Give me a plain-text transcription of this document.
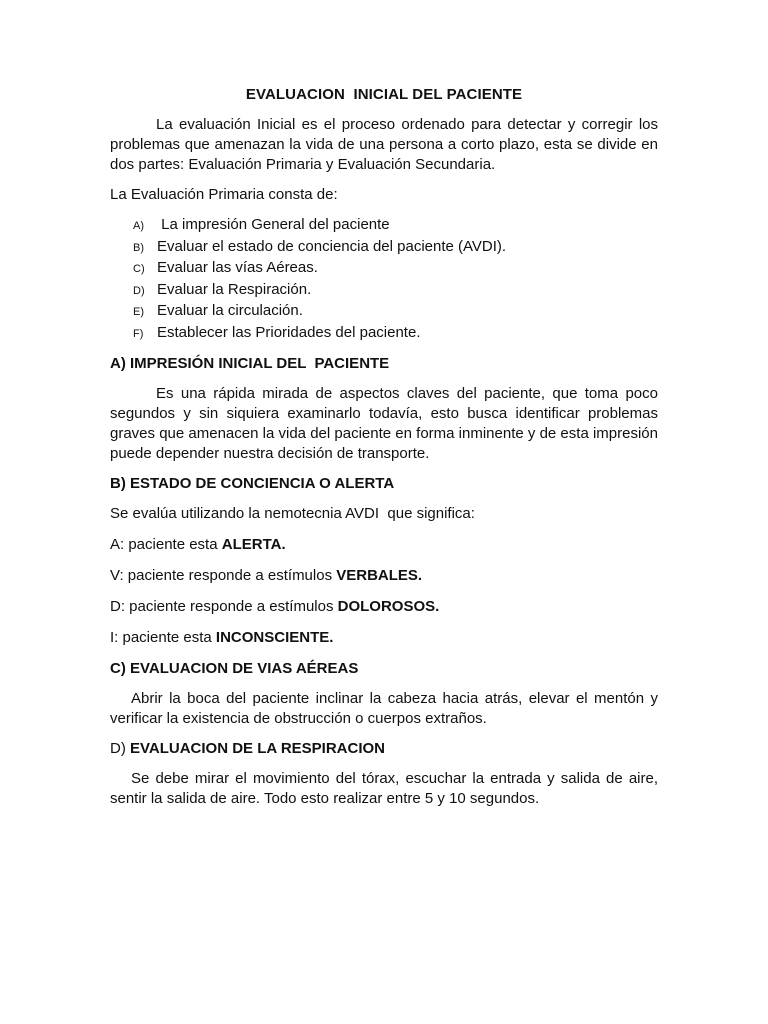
EVALUACION  INICIAL DEL PACIENTE

La evaluación Inicial es el proceso ordenado para detectar y corregir los problemas que amenazan la vida de una persona a corto plazo, esta se divide en dos partes: Evaluación Primaria y Evaluación Secundaria.

La Evaluación Primaria consta de:

A) La impresión General del paciente
B) Evaluar el estado de conciencia del paciente (AVDI).
C) Evaluar las vías Aéreas.
D) Evaluar la Respiración.
E) Evaluar la circulación.
F) Establecer las Prioridades del paciente.
A) IMPRESIÓN INICIAL DEL  PACIENTE

Es una rápida mirada de aspectos claves del paciente, que toma poco segundos y sin siquiera examinarlo todavía, esto busca identificar problemas graves que amenacen la vida del paciente en forma inminente y de esta impresión puede depender nuestra decisión de transporte.

B) ESTADO DE CONCIENCIA O ALERTA

Se evalúa utilizando la nemotecnia AVDI  que significa:

A: paciente esta ALERTA.

V: paciente responde a estímulos VERBALES.

D: paciente responde a estímulos DOLOROSOS.

I: paciente esta INCONSCIENTE.

C) EVALUACION DE VIAS AÉREAS

Abrir la boca del paciente inclinar la cabeza hacia atrás, elevar el mentón y verificar la existencia de obstrucción o cuerpos extraños.

D) EVALUACION DE LA RESPIRACION

Se debe mirar el movimiento del tórax, escuchar la entrada y salida de aire, sentir la salida de aire. Todo esto realizar entre 5 y 10 segundos.
